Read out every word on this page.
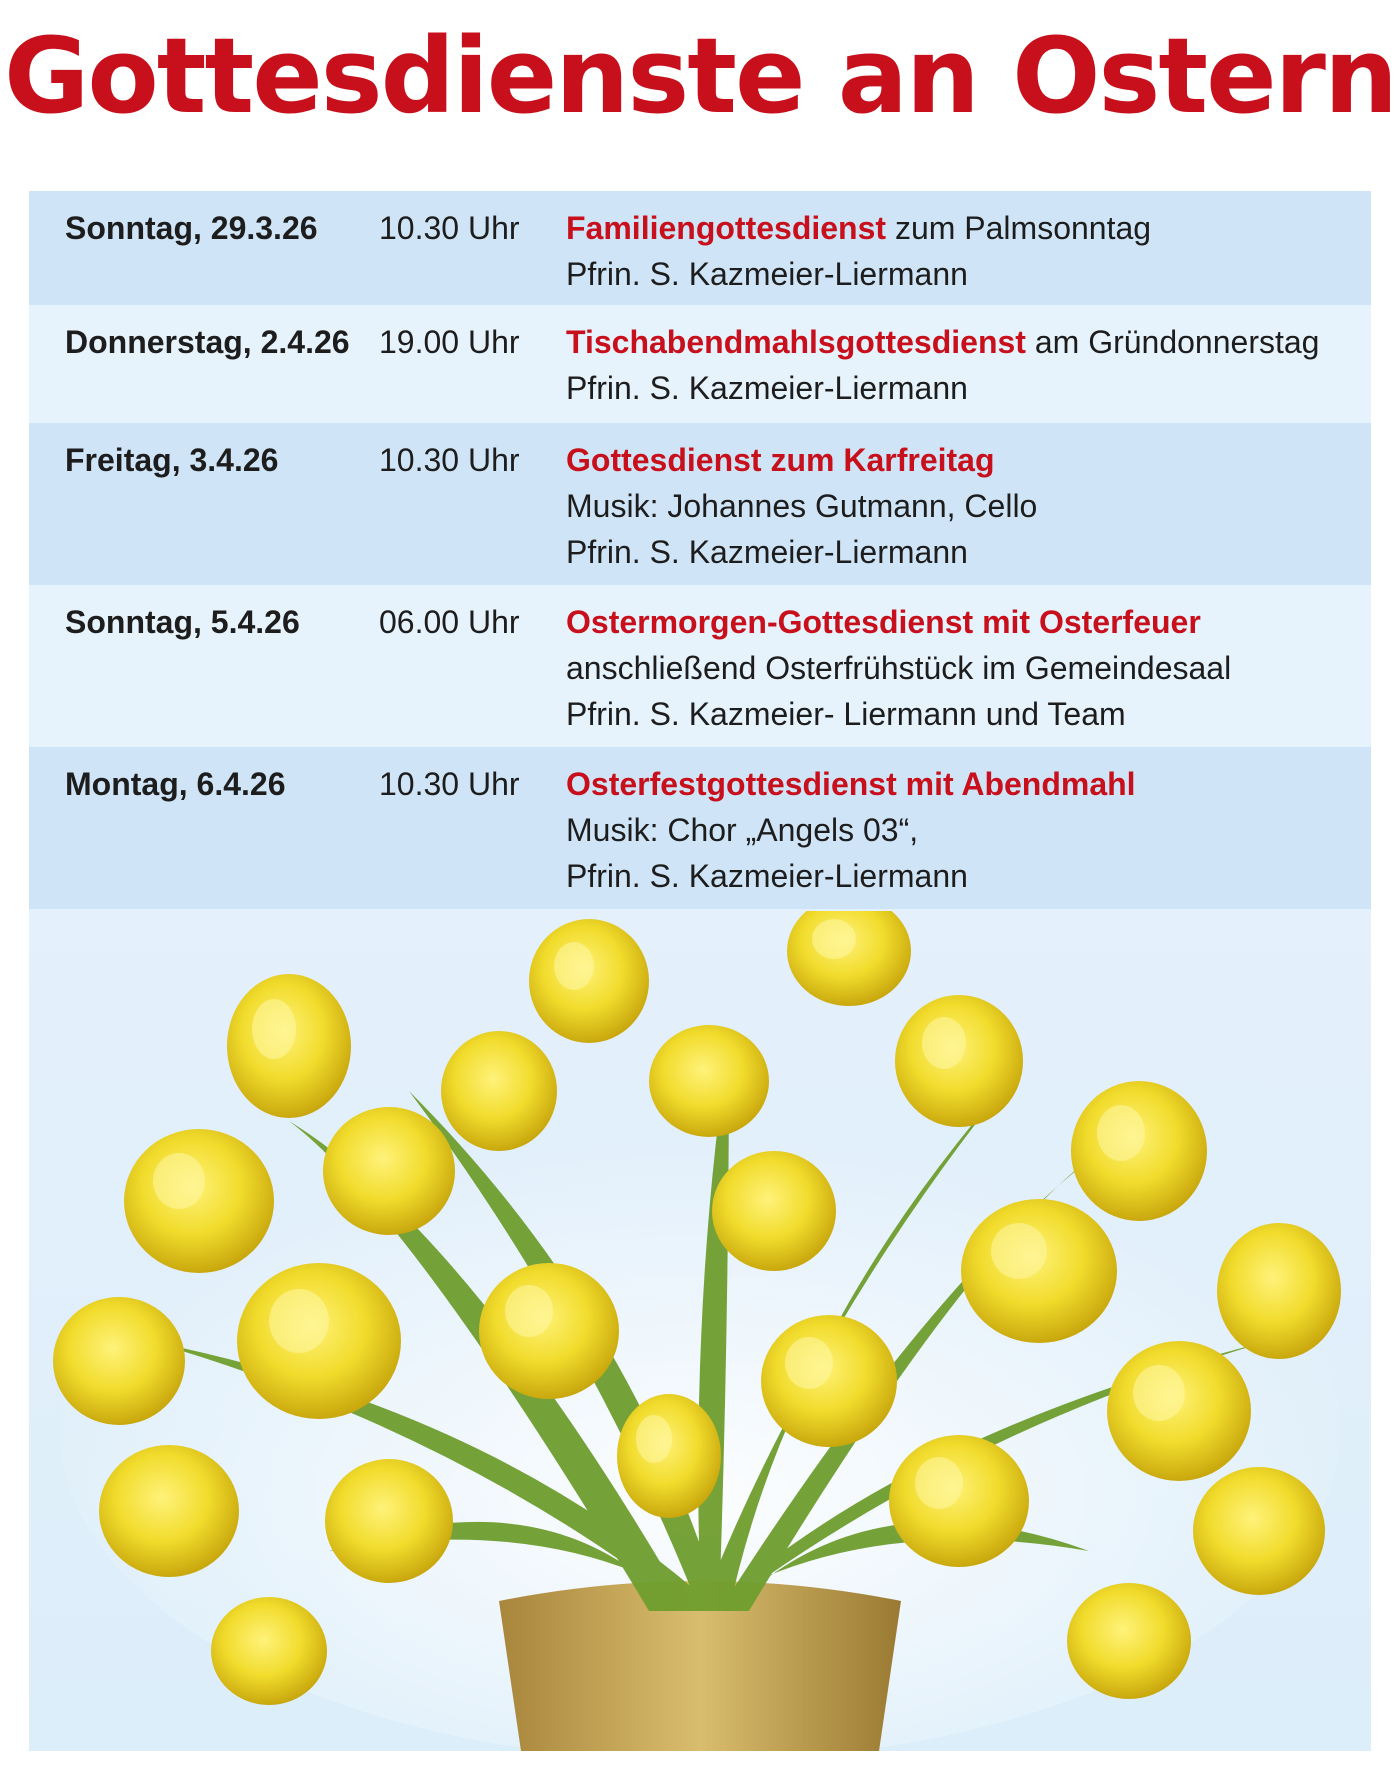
Gottesdienste an Ostern
Sonntag, 29.3.26 10.30 Uhr Familiengottesdienst zum Palmsonntag
Pfrin. S. Kazmeier-Liermann
Donnerstag, 2.4.26 19.00 Uhr Tischabendmahlsgottesdienst am Gründonnerstag
Pfrin. S. Kazmeier-Liermann
Freitag, 3.4.26	10.30 Uhr Gottesdienst zum Karfreitag
Musik: Johannes Gutmann, Cello
Pfrin. S. Kazmeier-Liermann
Sonntag, 5.4.26 06.00 Uhr Ostermorgen-Gottesdienst mit Osterfeuer
anschließend Osterfrühstück im Gemeindesaal
Pfrin. S. Kazmeier- Liermann und Team
Montag, 6.4.26	10.30 Uhr Osterfestgottesdienst mit Abendmahl
Musik: Chor „Angels 03“,
Pfrin. S. Kazmeier-Liermann
